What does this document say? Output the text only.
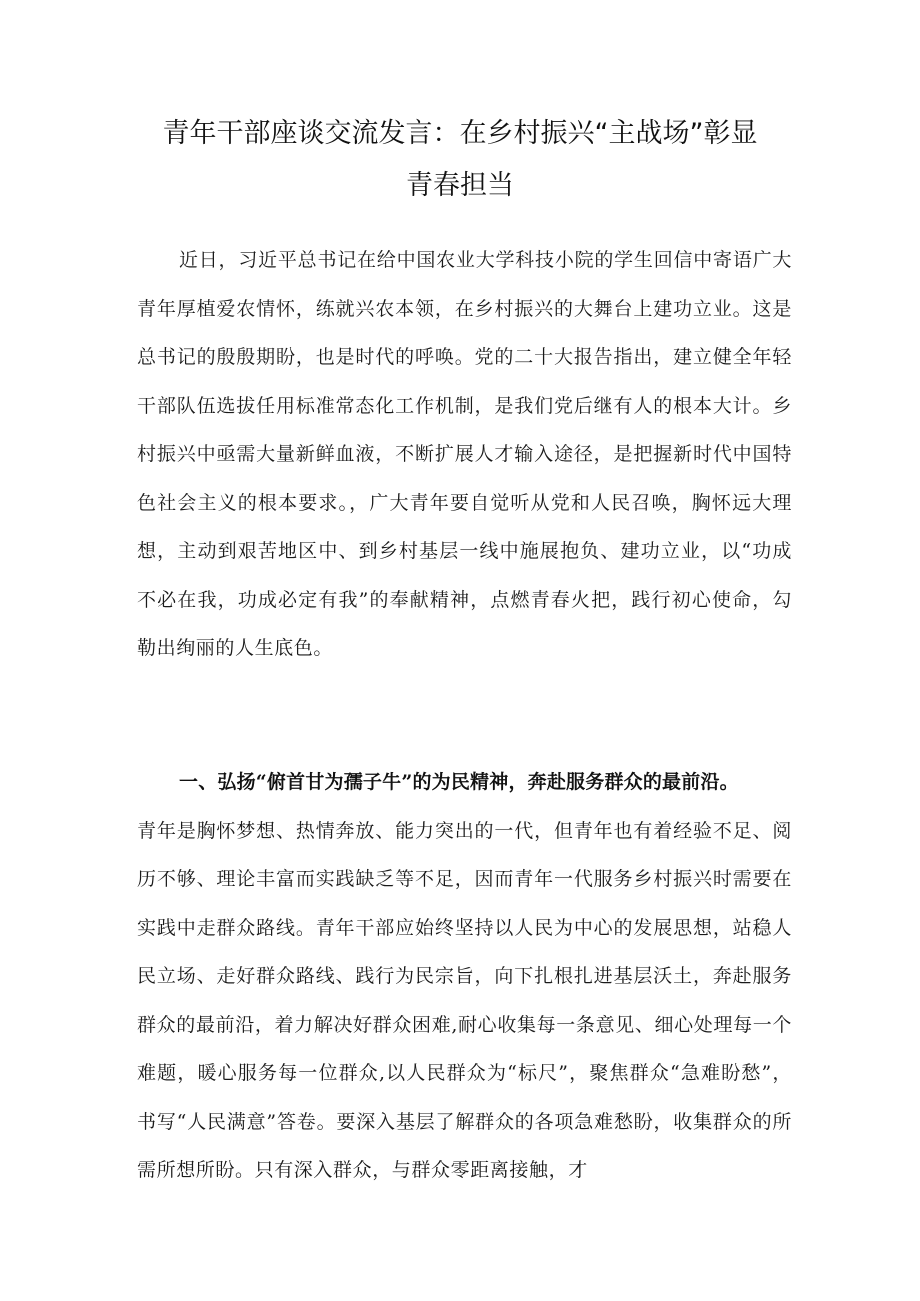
青年干部座谈交流发言：在乡村振兴“主战场”彰显
青春担当

近日，习近平总书记在给中国农业大学科技小院的学生回信中寄语广大青年厚植爱农情怀，练就兴农本领，在乡村振兴的大舞台上建功立业。这是总书记的殷殷期盼，也是时代的呼唤。党的二十大报告指出，建立健全年轻干部队伍选拔任用标准常态化工作机制，是我们党后继有人的根本大计。乡村振兴中亟需大量新鲜血液，不断扩展人才输入途径，是把握新时代中国特色社会主义的根本要求。，广大青年要自觉听从党和人民召唤，胸怀远大理想，主动到艰苦地区中、到乡村基层一线中施展抱负、建功立业，以“功成不必在我，功成必定有我”的奉献精神，点燃青春火把，践行初心使命，勾勒出绚丽的人生底色。

一、弘扬“俯首甘为孺子牛”的为民精神，奔赴服务群众的最前沿。
青年是胸怀梦想、热情奔放、能力突出的一代，但青年也有着经验不足、阅历不够、理论丰富而实践缺乏等不足，因而青年一代服务乡村振兴时需要在实践中走群众路线。青年干部应始终坚持以人民为中心的发展思想，站稳人民立场、走好群众路线、践行为民宗旨，向下扎根扎进基层沃土，奔赴服务群众的最前沿，着力解决好群众困难,耐心收集每一条意见、细心处理每一个难题，暖心服务每一位群众,以人民群众为“标尺”，聚焦群众“急难盼愁”，书写“人民满意”答卷。要深入基层了解群众的各项急难愁盼，收集群众的所需所想所盼。只有深入群众，与群众零距离接触，才
